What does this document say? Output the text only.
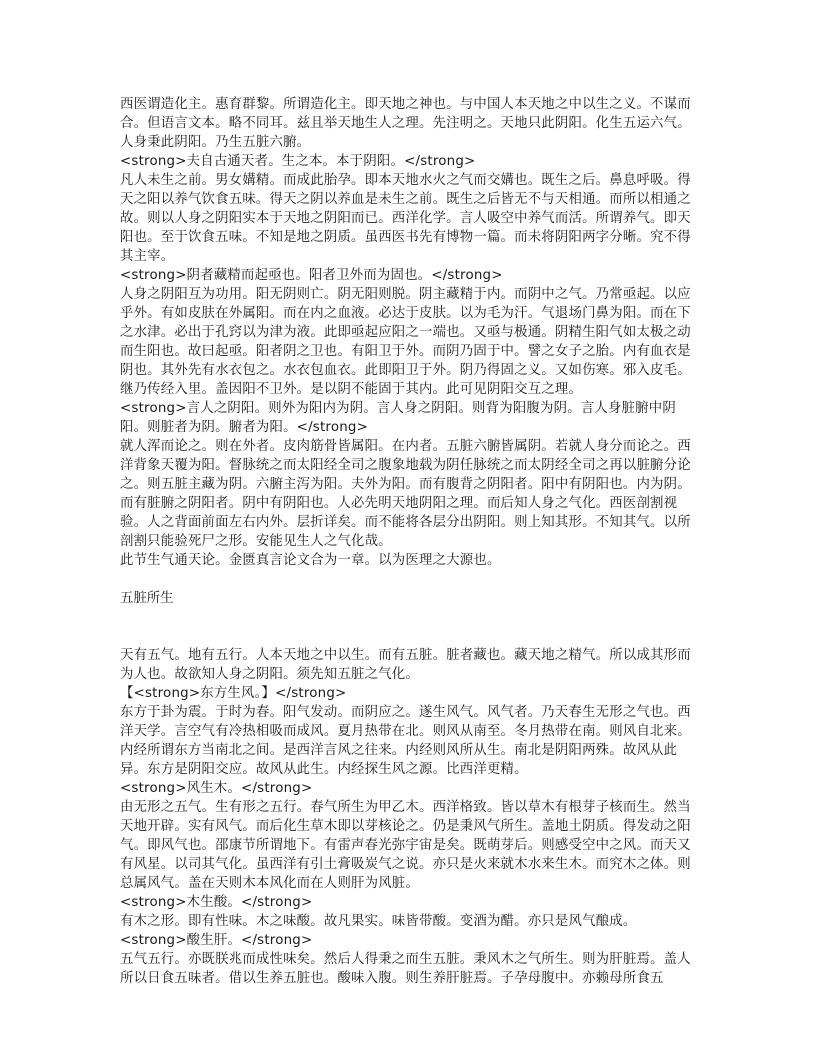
西医谓造化主。惠育群黎。所谓造化主。即天地之神也。与中国人本天地之中以生之义。不谋而合。但语言文本。略不同耳。兹且举天地生人之理。先注明之。天地只此阴阳。化生五运六气。人身秉此阴阳。乃生五脏六腑。

<strong>夫自古通天者。生之本。本于阴阳。</strong>

凡人未生之前。男女媾精。而成此胎孕。即本天地水火之气而交媾也。既生之后。鼻息呼吸。得天之阳以养气饮食五味。得天之阴以养血是未生之前。既生之后皆无不与天相通。而所以相通之故。则以人身之阴阳实本于天地之阴阳而已。西洋化学。言人吸空中养气而活。所谓养气。即天阳也。至于饮食五味。不知是地之阴质。虽西医书先有博物一篇。而未将阴阳两字分晰。究不得其主宰。

<strong>阴者藏精而起亟也。阳者卫外而为固也。</strong>

人身之阴阳互为功用。阳无阴则亡。阴无阳则脱。阴主藏精于内。而阴中之气。乃常亟起。以应乎外。有如皮肤在外属阳。而在内之血液。必达于皮肤。以为毛为汗。气退场门鼻为阳。而在下之水津。必出于孔窍以为津为液。此即亟起应阳之一端也。又亟与极通。阴精生阳气如太极之动而生阳也。故曰起亟。阳者阴之卫也。有阳卫于外。而阴乃固于中。譬之女子之胎。内有血衣是阴也。其外先有水衣包之。水衣包血衣。此即阳卫于外。阴乃得固之义。又如伤寒。邪入皮毛。继乃传经入里。盖因阳不卫外。是以阴不能固于其内。此可见阴阳交互之理。

<strong>言人之阴阳。则外为阳内为阴。言人身之阴阳。则背为阳腹为阴。言人身脏腑中阴阳。则脏者为阴。腑者为阳。</strong>

就人浑而论之。则在外者。皮肉筋骨皆属阳。在内者。五脏六腑皆属阴。若就人身分而论之。西洋背象天覆为阳。督脉统之而太阳经全司之腹象地载为阴任脉统之而太阴经全司之再以脏腑分论之。则五脏主藏为阴。六腑主泻为阳。夫外为阳。而有腹背之阴阳者。阳中有阴阳也。内为阴。而有脏腑之阴阳者。阴中有阴阳也。人必先明天地阴阳之理。而后知人身之气化。西医剖割视验。人之背面前面左右内外。层折详矣。而不能将各层分出阴阳。则上知其形。不知其气。以所剖割只能验死尸之形。安能见生人之气化哉。

此节生气通天论。金匮真言论文合为一章。以为医理之大源也。

五脏所生

天有五气。地有五行。人本天地之中以生。而有五脏。脏者藏也。藏天地之精气。所以成其形而为人也。故欲知人身之阴阳。须先知五脏之气化。

【<strong>东方生风。】</strong>

东方于卦为震。于时为春。阳气发动。而阴应之。遂生风气。风气者。乃天春生无形之气也。西洋天学。言空气有冷热相吸而成风。夏月热带在北。则风从南至。冬月热带在南。则风自北来。内经所谓东方当南北之间。是西洋言风之往来。内经则风所从生。南北是阴阳两殊。故风从此异。东方是阴阳交应。故风从此生。内经探生风之源。比西洋更精。

<strong>风生木。</strong>

由无形之五气。生有形之五行。春气所生为甲乙木。西洋格致。皆以草木有根芽子核而生。然当天地开辟。实有风气。而后化生草木即以芽核论之。仍是秉风气所生。盖地土阴质。得发动之阳气。即风气也。邵康节所谓地下。有雷声春光弥宇宙是矣。既萌芽后。则感受空中之风。而天又有风星。以司其气化。虽西洋有引土膏吸炭气之说。亦只是火来就木水来生木。而究木之体。则总属风气。盖在天则木本风化而在人则肝为风脏。

<strong>木生酸。</strong>

有木之形。即有性味。木之味酸。故凡果实。味皆带酸。变酒为醋。亦只是风气酿成。

<strong>酸生肝。</strong>

五气五行。亦既朕兆而成性味矣。然后人得秉之而生五脏。秉风木之气所生。则为肝脏焉。盖人所以日食五味者。借以生养五脏也。酸味入腹。则生养肝脏焉。子孕母腹中。亦赖母所食五
